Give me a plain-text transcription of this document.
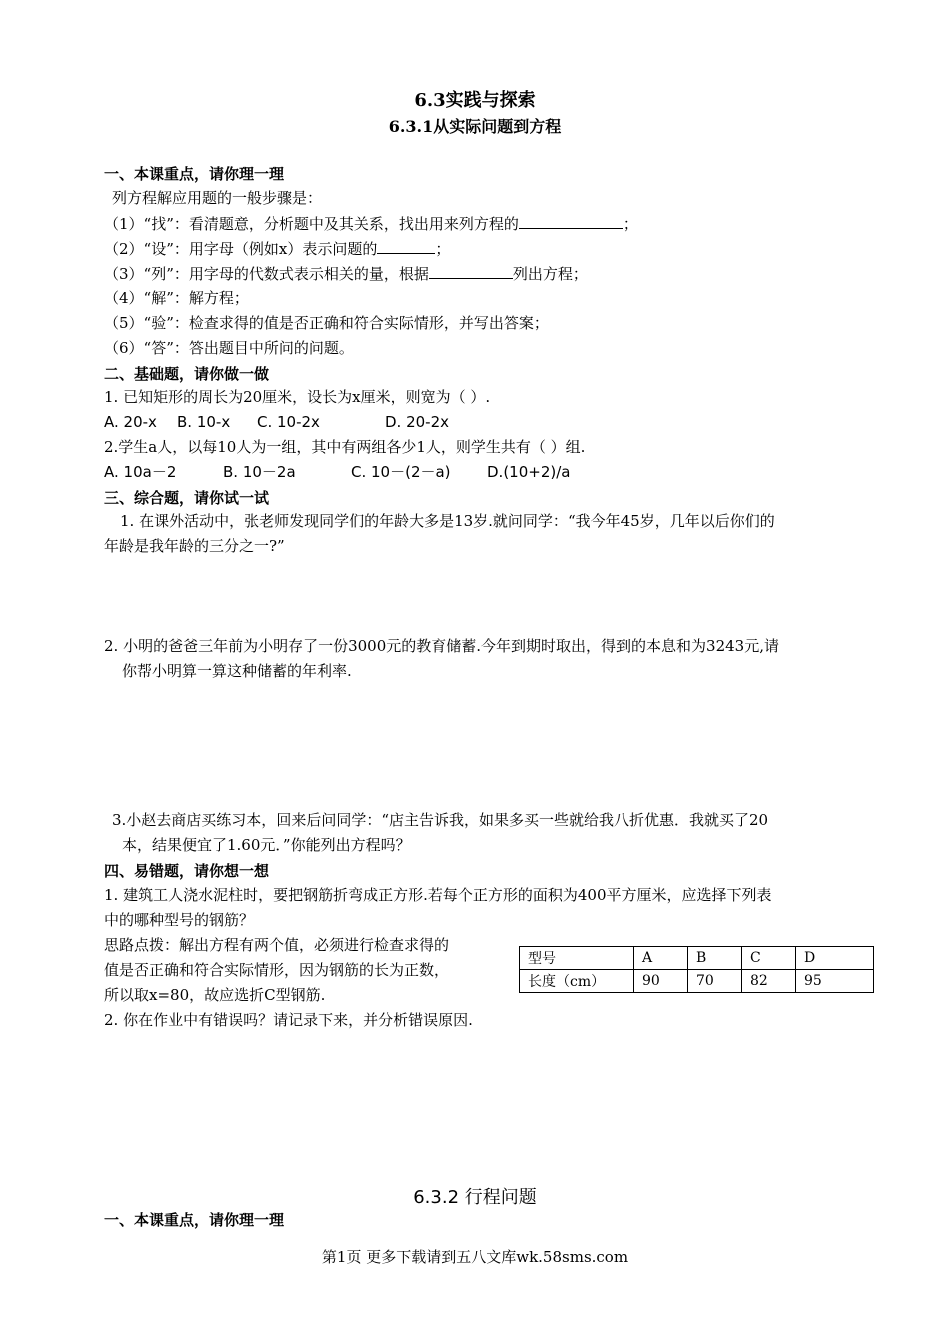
6.3实践与探索
6.3.1从实际问题到方程
一、本课重点，请你理一理
列方程解应用题的一般步骤是：
（1）“找”：看清题意，分析题中及其关系，找出用来列方程的	；
（2）“设”：用字母（例如x）表示问题的	；
（3）“列”：用字母的代数式表示相关的量，根据	列出方程；
（4）“解”：解方程；
（5）“验”：检查求得的值是否正确和符合实际情形，并写出答案；
（6）“答”：答出题目中所问的问题。
二、基础题，请你做一做
1. 已知矩形的周长为20厘米，设长为x厘米，则宽为（ ）.
A. 20-x B. 10-x C. 10-2x	D. 20-2x
2.学生a人，以每10人为一组，其中有两组各少1人，则学生共有（ ）组.
A. 10a－2	B. 10－2a	C. 10－(2－a) D.(10+2)/a
三、综合题，请你试一试
1. 在课外活动中，张老师发现同学们的年龄大多是13岁.就问同学：“我今年45岁，几年以后你们的
年龄是我年龄的三分之一?”
2. 小明的爸爸三年前为小明存了一份3000元的教育储蓄.今年到期时取出，得到的本息和为3243元,请
你帮小明算一算这种储蓄的年利率.
3.小赵去商店买练习本，回来后问同学：“店主告诉我，如果多买一些就给我八折优惠．我就买了20
本，结果便宜了1.60元．”你能列出方程吗？
四、易错题，请你想一想
1. 建筑工人浇水泥柱时，要把钢筋折弯成正方形.若每个正方形的面积为400平方厘米，应选择下列表
中的哪种型号的钢筋？
思路点拨：解出方程有两个值，必须进行检查求得的
值是否正确和符合实际情形，因为钢筋的长为正数，
所以取x=80，故应选折C型钢筋.
2. 你在作业中有错误吗？请记录下来，并分析错误原因.
型号	A	B	C	D
长度（cm）	90	70	82	95
6.3.2 行程问题
一、本课重点，请你理一理
第1页 更多下载请到五八文库wk.58sms.com
